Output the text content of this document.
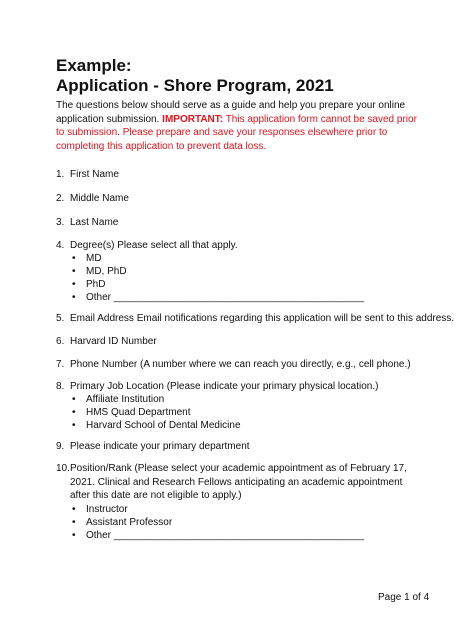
Example:
Application - Shore Program, 2021
The questions below should serve as a guide and help you prepare your online application submission. IMPORTANT: This application form cannot be saved prior to submission. Please prepare and save your responses elsewhere prior to completing this application to prevent data loss.
1. First Name
2. Middle Name
3. Last Name
4. Degree(s) Please select all that apply.
• MD
• MD, PhD
• PhD
• Other _____________________________________________
5. Email Address Email notifications regarding this application will be sent to this address.
6. Harvard ID Number
7. Phone Number (A number where we can reach you directly, e.g., cell phone.)
8. Primary Job Location (Please indicate your primary physical location.)
• Affiliate Institution
• HMS Quad Department
• Harvard School of Dental Medicine
9. Please indicate your primary department
10. Position/Rank (Please select your academic appointment as of February 17, 2021. Clinical and Research Fellows anticipating an academic appointment after this date are not eligible to apply.)
• Instructor
• Assistant Professor
• Other _____________________________________________
Page 1 of 4
